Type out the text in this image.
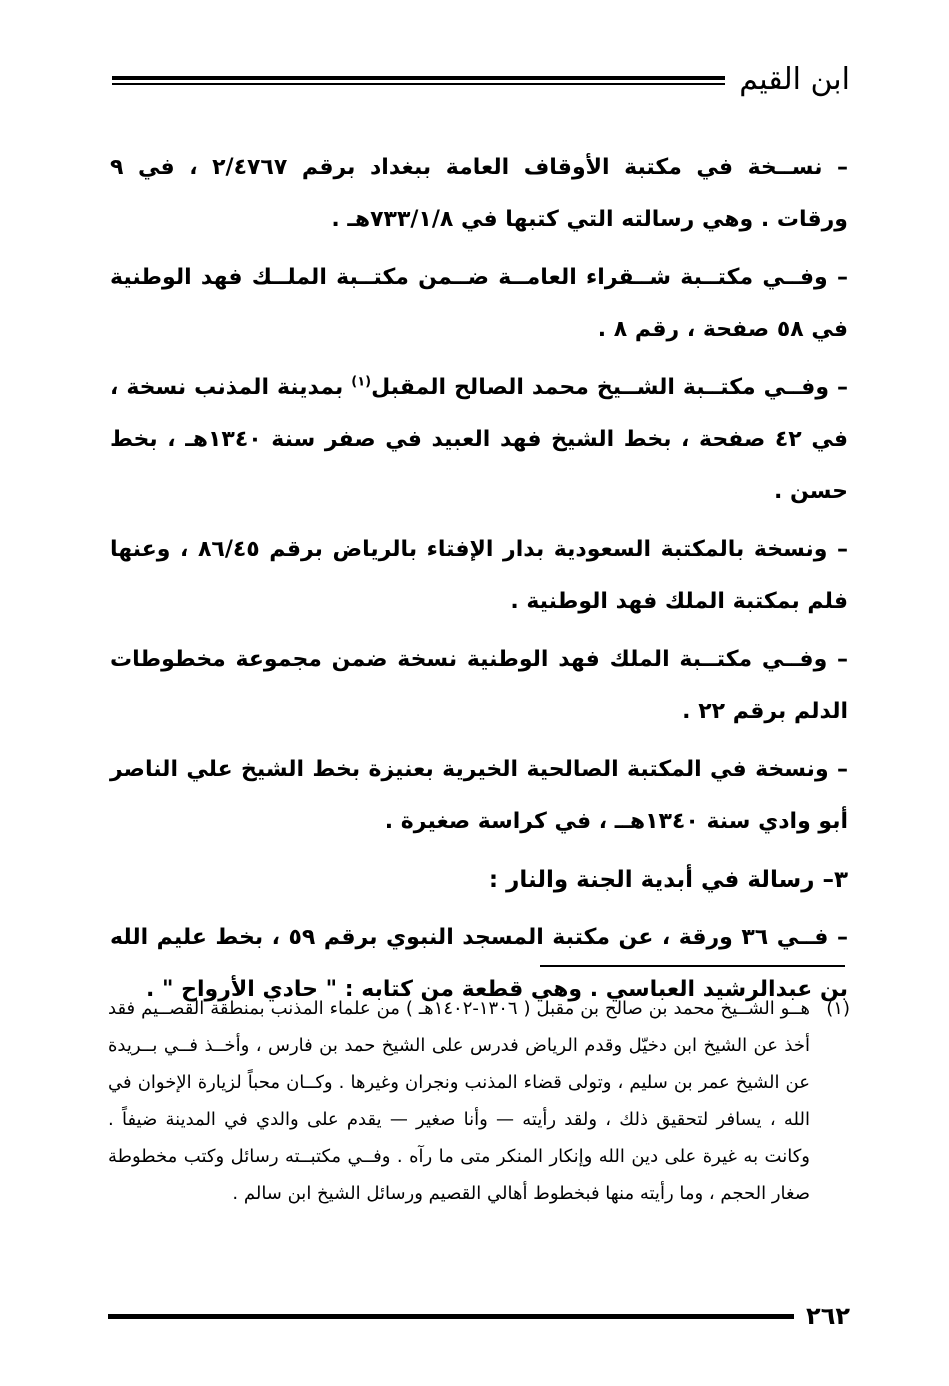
ابن القيم

– نســخة في مكتبة الأوقاف العامة ببغداد برقم ٢/٤٧٦٧ ، في ٩ ورقات . وهي رسالته التي كتبها في ٧٣٣/١/٨هـ .

– وفــي مكتــبة شــقراء العامــة ضــمن مكتــبة الملــك فهد الوطنية في ٥٨ صفحة ، رقم ٨ .

– وفــي مكتــبة الشــيخ محمد الصالح المقبل$^{(١)}$ بمدينة المذنب نسخة ، في ٤٢ صفحة ، بخط الشيخ فهد العبيد في صفر سنة ١٣٤٠هـ ، بخط حسن .

– ونسخة بالمكتبة السعودية بدار الإفتاء بالرياض برقم ٨٦/٤٥ ، وعنها فلم بمكتبة الملك فهد الوطنية .

– وفــي مكتــبة الملك فهد الوطنية نسخة ضمن مجموعة مخطوطات الدلم برقم ٢٢ .

– ونسخة في المكتبة الصالحية الخيرية بعنيزة بخط الشيخ علي الناصر أبو وادي سنة ١٣٤٠هــ ، في كراسة صغيرة .

٣– رسالة في أبدية الجنة والنار :

– فــي ٣٦ ورقة ، عن مكتبة المسجد النبوي برقم ٥٩ ، بخط عليم الله بن عبدالرشيد العباسي . وهي قطعة من كتابه : " حادي الأرواح " .

(١)
هــو الشــيخ محمد بن صالح بن مقبل ( ١٣٠٦-١٤٠٢هـ ) من علماء المذنب بمنطقة القصــيم فقد أخذ عن الشيخ ابن دخيّل وقدم الرياض فدرس على الشيخ حمد بن فارس ، وأخــذ فــي بــريدة عن الشيخ عمر بن سليم ، وتولى قضاء المذنب ونجران وغيرها . وكــان محباً لزيارة الإخوان في الله ، يسافر لتحقيق ذلك ، ولقد رأيته — وأنا صغير — يقدم على والدي في المدينة ضيفاً . وكانت به غيرة على دين الله وإنكار المنكر متى ما رآه . وفــي مكتبــته رسائل وكتب مخطوطة صغار الحجم ، وما رأيته منها فبخطوط أهالي القصيم ورسائل الشيخ ابن سالم .
٢٦٢
